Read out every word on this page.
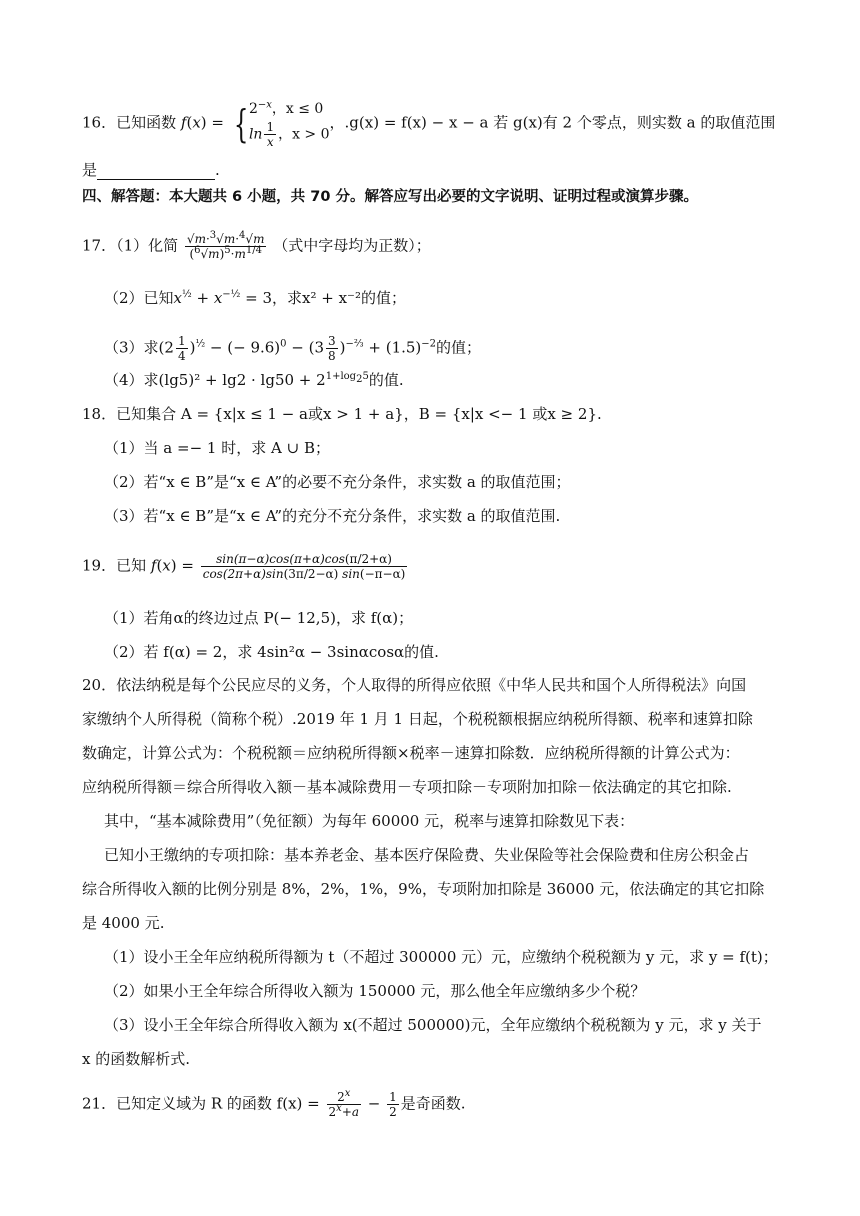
16．已知函数 f(x) = { $2^{-x}$，x ≤ 0
$\ln \frac{1}{x}$ ，x > 0
，.g(x) = f(x) − x − a 若 g(x)有 2 个零点，则实数 a 的取值范围
是	.
四、解答题：本大题共 6 小题，共 70 分。解答应写出必要的文字说明、证明过程或演算步骤。
17．（1）化简 $\frac{√m\cdot^3√m\cdot^4√m}{(^6√m)^5\cdot m^{1/4}}$ （式中字母均为正数）；
（2）已知$x^{\frac{1}{2}} + x^{-\frac{1}{2}} = 3$，求x² + x⁻²的值；
（3）求$(2 \frac{1}{4} )^{\frac{1}{2}}$ − (− $9.6)^0 - (3 \frac{3}{8} )^{-\frac{2}{3}} + (1.5)^{-2}$的值；
（4）求$(\lg 5)^2 + \lg 2 \cdot \lg 50 + 2^{1+log_25}$的值.
18．已知集合 A = {x|x ≤ 1 − a或x > 1 + a}，B = {x|x <− 1 或x ≥ 2}.
（1）当 a =− 1 时，求 A ∪ B；
（2）若“x ∈ B”是“x ∈ A”的必要不充分条件，求实数 a 的取值范围；
（3）若“x ∈ B”是“x ∈ A”的充分不充分条件，求实数 a 的取值范围.
19．已知 $f(x) = \frac{\sin(\pi-\alpha)\cos(\pi+\alpha)\cos(\pi/2+\alpha)}{\cos(2\pi+\alpha)\sin(3\pi/2-\alpha) \sin(-\pi-\alpha)}$
（1）若角α的终边过点 P(− 12,5)，求 f(α)；
（2）若 f(α) = 2，求 4sin²α − 3sinαcosα的值.
20．依法纳税是每个公民应尽的义务，个人取得的所得应依照《中华人民共和国个人所得税法》向国
家缴纳个人所得税（简称个税）.2019 年 1 月 1 日起，个税税额根据应纳税所得额、税率和速算扣除
数确定，计算公式为：个税税额＝应纳税所得额×税率－速算扣除数．应纳税所得额的计算公式为：
应纳税所得额＝综合所得收入额－基本减除费用－专项扣除－专项附加扣除－依法确定的其它扣除.
其中，“基本减除费用”（免征额）为每年 60000 元，税率与速算扣除数见下表：
已知小王缴纳的专项扣除：基本养老金、基本医疗保险费、失业保险等社会保险费和住房公积金占
综合所得收入额的比例分别是 8%，2%，1%，9%，专项附加扣除是 36000 元，依法确定的其它扣除
是 4000 元.
（1）设小王全年应纳税所得额为 t（不超过 300000 元）元，应缴纳个税税额为 y 元，求 y = f(t)；
（2）如果小王全年综合所得收入额为 150000 元，那么他全年应缴纳多少个税？
（3）设小王全年综合所得收入额为 x(不超过 500000)元，全年应缴纳个税税额为 y 元，求 y 关于
x 的函数解析式.
21．已知定义域为 R 的函数 $f(x) = \frac{2^x}{2^x+a} - \frac{1}{2}$ 是奇函数.
